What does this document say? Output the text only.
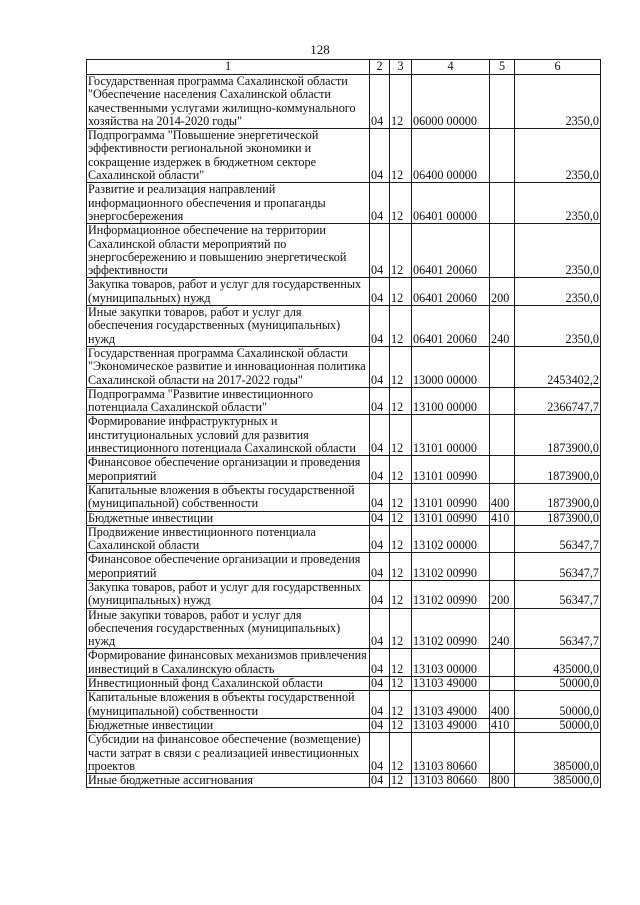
128
1	2	3	4	5	6
Государственная программа Сахалинской области "Обеспечение населения Сахалинской области качественными услугами жилищно-коммунального хозяйства на 2014-2020 годы"	04	12	06000 00000		2350,0
Подпрограмма "Повышение энергетической эффективности региональной экономики и сокращение издержек в бюджетном секторе Сахалинской области"	04	12	06400 00000		2350,0
Развитие и реализация направлений информационного обеспечения и пропаганды энергосбережения	04	12	06401 00000		2350,0
Информационное обеспечение на территории Сахалинской области мероприятий по энергосбережению и повышению энергетической эффективности	04	12	06401 20060		2350,0
Закупка товаров, работ и услуг для государственных (муниципальных) нужд	04	12	06401 20060	200	2350,0
Иные закупки товаров, работ и услуг для обеспечения государственных (муниципальных) нужд	04	12	06401 20060	240	2350,0
Государственная программа Сахалинской области "Экономическое развитие и инновационная политика Сахалинской области на 2017-2022 годы"	04	12	13000 00000		2453402,2
Подпрограмма "Развитие инвестиционного потенциала Сахалинской области"	04	12	13100 00000		2366747,7
Формирование инфраструктурных и институциональных условий для развития инвестиционного потенциала Сахалинской области	04	12	13101 00000		1873900,0
Финансовое обеспечение организации и проведения мероприятий	04	12	13101 00990		1873900,0
Капитальные вложения в объекты государственной (муниципальной) собственности	04	12	13101 00990	400	1873900,0
Бюджетные инвестиции	04	12	13101 00990	410	1873900,0
Продвижение инвестиционного потенциала Сахалинской области	04	12	13102 00000		56347,7
Финансовое обеспечение организации и проведения мероприятий	04	12	13102 00990		56347,7
Закупка товаров, работ и услуг для государственных (муниципальных) нужд	04	12	13102 00990	200	56347,7
Иные закупки товаров, работ и услуг для обеспечения государственных (муниципальных) нужд	04	12	13102 00990	240	56347,7
Формирование финансовых механизмов привлечения инвестиций в Сахалинскую область	04	12	13103 00000		435000,0
Инвестиционный фонд Сахалинской области	04	12	13103 49000		50000,0
Капитальные вложения в объекты государственной (муниципальной) собственности	04	12	13103 49000	400	50000,0
Бюджетные инвестиции	04	12	13103 49000	410	50000,0
Субсидии на финансовое обеспечение (возмещение) части затрат в связи с реализацией инвестиционных проектов	04	12	13103 80660		385000,0
Иные бюджетные ассигнования	04	12	13103 80660	800	385000,0
